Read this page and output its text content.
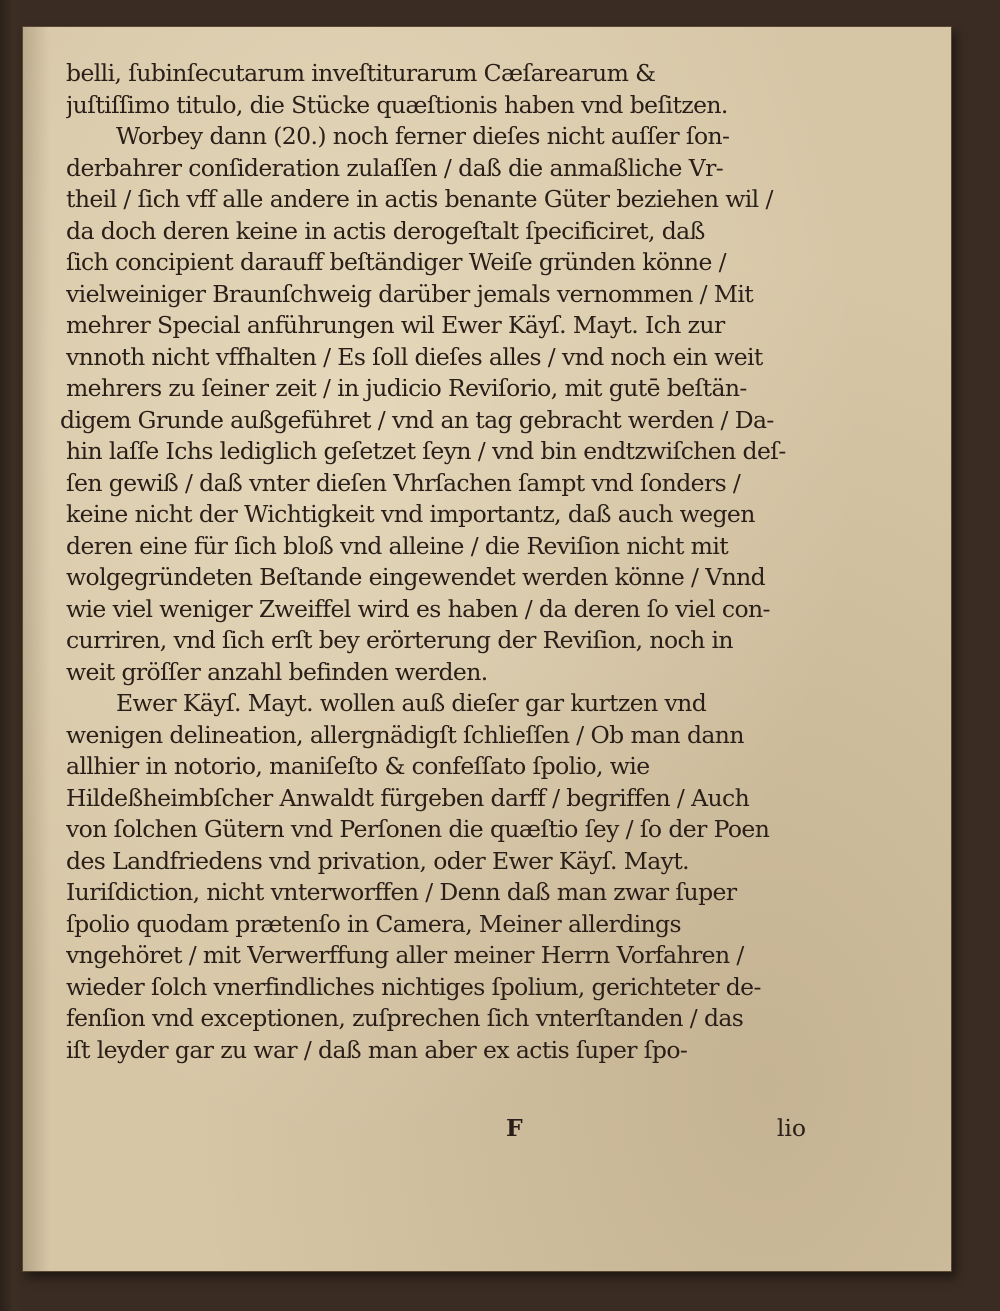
belli, ſubinſecutarum inveſtiturarum Cæſarearum &
juſtiſſimo titulo, die Stücke quæſtionis haben vnd beſitzen.
Worbey dann (20.) noch ferner dieſes nicht auſſer ſon-
derbahrer conſideration zulaſſen / daß die anmaßliche Vr-
theil / ſich vff alle andere in actis benante Güter beziehen wil /
da doch deren keine in actis derogeſtalt ſpecificiret, daß
ſich concipient darauff beſtändiger Weiſe gründen könne /
vielweiniger Braunſchweig darüber jemals vernommen / Mit
mehrer Special anführungen wil Ewer Käyſ. Mayt. Ich zur
vnnoth nicht vffhalten / Es ſoll dieſes alles / vnd noch ein weit
mehrers zu ſeiner zeit / in judicio Reviſorio, mit gutē beſtän-
digem Grunde außgeführet / vnd an tag gebracht werden / Da-
hin laſſe Ichs lediglich geſetzet ſeyn / vnd bin endtzwiſchen deſ-
ſen gewiß / daß vnter dieſen Vhrſachen ſampt vnd ſonders /
keine nicht der Wichtigkeit vnd importantz, daß auch wegen
deren eine für ſich bloß vnd alleine / die Reviſion nicht mit
wolgegründeten Beſtande eingewendet werden könne / Vnnd
wie viel weniger Zweiffel wird es haben / da deren ſo viel con-
curriren, vnd ſich erſt bey erörterung der Reviſion, noch in
weit gröſſer anzahl befinden werden.
Ewer Käyſ. Mayt. wollen auß dieſer gar kurtzen vnd
wenigen delineation, allergnädigſt ſchlieſſen / Ob man dann
allhier in notorio, maniſeſto & confeſſato ſpolio, wie
Hildeßheimbſcher Anwaldt fürgeben darff / begriffen / Auch
von ſolchen Gütern vnd Perſonen die quæſtio ſey / ſo der Poen
des Landfriedens vnd privation, oder Ewer Käyſ. Mayt.
Iuriſdiction, nicht vnterworffen / Denn daß man zwar ſuper
ſpolio quodam prætenſo in Camera, Meiner allerdings
vngehöret / mit Verwerffung aller meiner Herrn Vorfahren /
wieder ſolch vnerfindliches nichtiges ſpolium, gerichteter de-
fenſion vnd exceptionen, zuſprechen ſich vnterſtanden / das
iſt leyder gar zu war / daß man aber ex actis ſuper ſpo-
F	lio
